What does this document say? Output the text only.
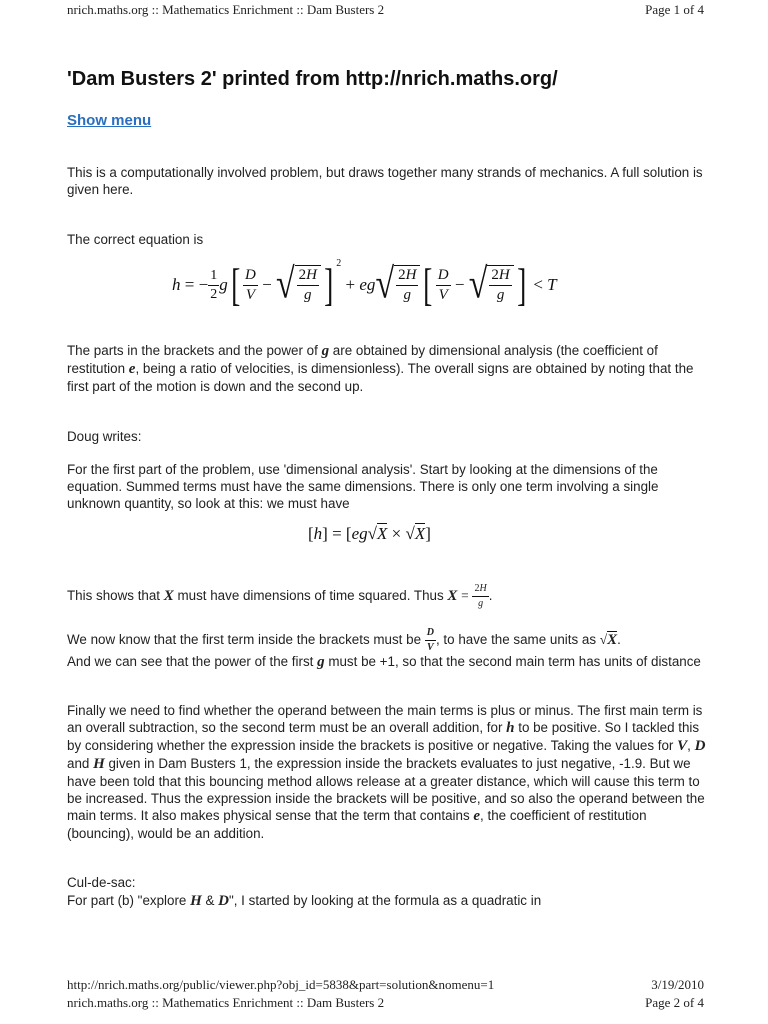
nrich.maths.org :: Mathematics Enrichment :: Dam Busters 2	Page 1 of 4
'Dam Busters 2' printed from http://nrich.maths.org/
Show menu

This is a computationally involved problem, but draws together many strands of mechanics. A full solution is given here.

The correct equation is

h = − $\frac{1}{2}$ g [ $\frac{D}{V}$ − √ $\frac{2H}{g}$ ] $^2$
+ eg √ $\frac{2H}{g}$ [ $\frac{D}{V}$ − √ $\frac{2H}{g}$ ] < T

The parts in the brackets and the power of g are obtained by dimensional analysis (the coefficient of restitution e, being a ratio of velocities, is dimensionless). The overall signs are obtained by noting that the first part of the motion is down and the second up.

Doug writes:

For the first part of the problem, use 'dimensional analysis'. Start by looking at the dimensions of the equation. Summed terms must have the same dimensions. There is only one term involving a single unknown quantity, so look at this: we must have

[h] = [eg√X × √X]

This shows that X must have dimensions of time squared. Thus $X = \frac{2H}{g}$ .

We now know that the first term inside the brackets must be $\frac{D}{V}$ , to have the same units as √X.
And we can see that the power of the first g must be +1, so that the second main term has units of distance

Finally we need to find whether the operand between the main terms is plus or minus. The first main term is an overall subtraction, so the second term must be an overall addition, for h to be positive. So I tackled this by considering whether the expression inside the brackets is positive or negative. Taking the values for V, D and H given in Dam Busters 1, the expression inside the brackets evaluates to just negative, -1.9. But we have been told that this bouncing method allows release at a greater distance, which will cause this term to be increased. Thus the expression inside the brackets will be positive, and so also the operand between the main terms. It also makes physical sense that the term that contains e, the coefficient of restitution (bouncing), would be an addition.

Cul-de-sac:

For part (b) "explore H & D", I started by looking at the formula as a quadratic in

http://nrich.maths.org/public/viewer.php?obj_id=5838&part=solution&nomenu=1	3/19/2010
nrich.maths.org :: Mathematics Enrichment :: Dam Busters 2	Page 2 of 4
